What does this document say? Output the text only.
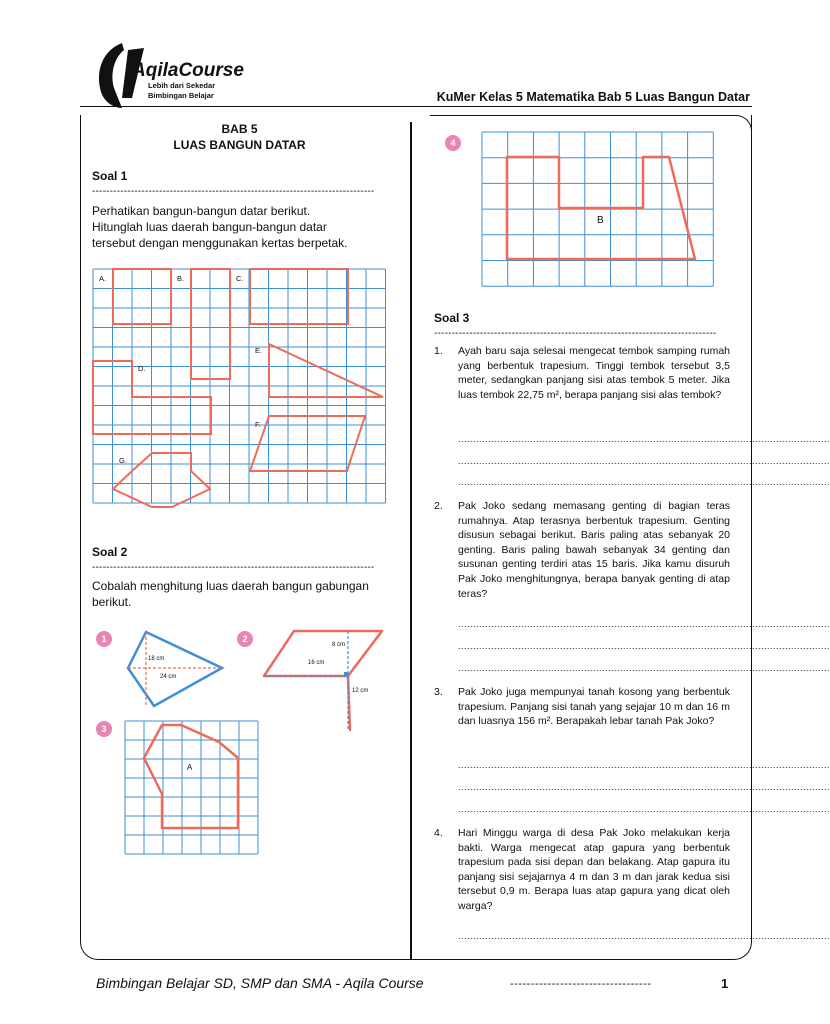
AqilaCourse
Lebih dari Sekedar
Bimbingan Belajar	KuMer Kelas 5 Matematika Bab 5 Luas Bangun Datar
BAB 5
LUAS BANGUN DATAR
Soal 1
--------------------------------------------------------------------------------
Perhatikan bangun-bangun datar berikut.
Hitunglah luas daerah bangun-bangun datar
tersebut dengan menggunakan kertas berpetak.
A.	B.	C.
D.
E.
F.
G.
Soal 2
--------------------------------------------------------------------------------
Cobalah menghitung luas daerah bangun gabungan
berikut.
1
18 cm
24 cm
2
8 cm
16 cm
12 cm
3
A
4
B
Soal 3
--------------------------------------------------------------------------------
1. Ayah baru saja selesai mengecat tembok samping rumah yang berbentuk trapesium. Tinggi tembok tersebut 3,5 meter, sedangkan panjang sisi atas tembok 5 meter. Jika luas tembok 22,75 m², berapa panjang sisi alas tembok?
............................................................................................................................
............................................................................................................................
............................................................................................................................
2. Pak Joko sedang memasang genting di bagian teras rumahnya. Atap terasnya berbentuk trapesium. Genting disusun sebagai berikut. Baris paling atas sebanyak 20 genting. Baris paling bawah sebanyak 34 genting dan susunan genting terdiri atas 15 baris. Jika kamu disuruh Pak Joko menghitungnya, berapa banyak genting di atap teras?
............................................................................................................................
............................................................................................................................
............................................................................................................................
3. Pak Joko juga mempunyai tanah kosong yang berbentuk trapesium. Panjang sisi tanah yang sejajar 10 m dan 16 m dan luasnya 156 m². Berapakah lebar tanah Pak Joko?
............................................................................................................................
............................................................................................................................
............................................................................................................................
4. Hari Minggu warga di desa Pak Joko melakukan kerja bakti. Warga mengecat atap gapura yang berbentuk trapesium pada sisi depan dan belakang. Atap gapura itu panjang sisi sejajarnya 4 m dan 3 m dan jarak kedua sisi tersebut 0,9 m. Berapa luas atap gapura yang dicat oleh warga?
............................................................................................................................
Bimbingan Belajar SD, SMP dan SMA - Aqila Course	----------------------------------	1
